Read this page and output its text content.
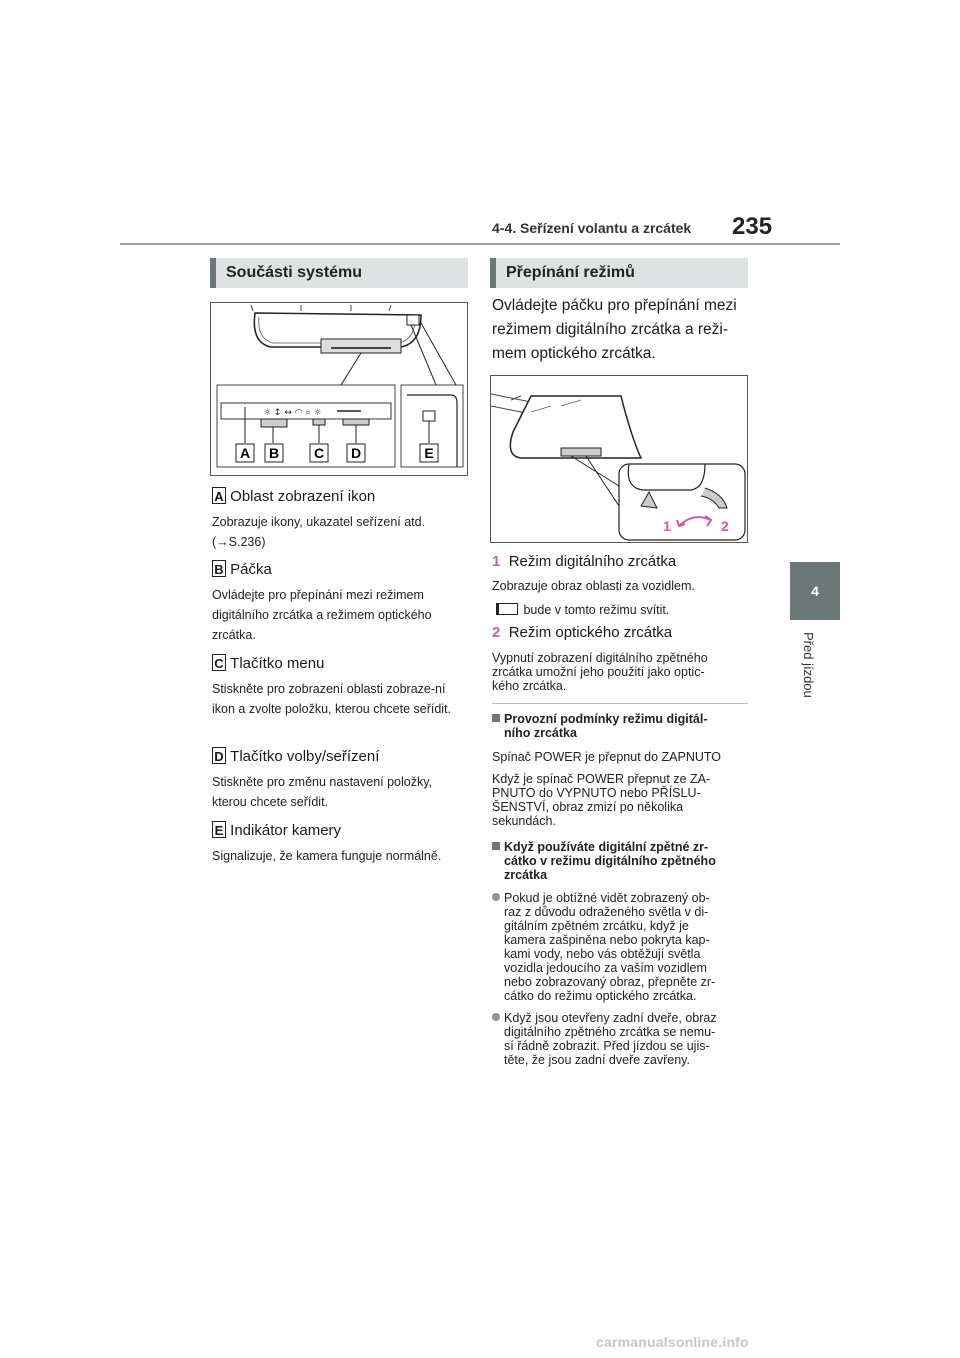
4-4. Seřízení volantu a zrcátek 235
4
Před jízdou
Součásti systému
☼ ↕ ↔ ◠ ⌕ ☼
A B C D	E
A Oblast zobrazení ikon
Zobrazuje ikony, ukazatel seřízení atd.
(→S.236)
B Páčka
Ovládejte pro přepínání mezi režimem digitálního zrcátka a režimem optického zrcátka.
C Tlačítko menu
Stiskněte pro zobrazení oblasti zobraze-ní ikon a zvolte položku, kterou chcete seřídit.
D Tlačítko volby/seřízení
Stiskněte pro změnu nastavení položky, kterou chcete seřídit.
E Indikátor kamery
Signalizuje, že kamera funguje normálně.
Přepínání režimů
Ovládejte páčku pro přepínání mezi
režimem digitálního zrcátka a reži-
mem optického zrcátka.
1	2
1 Režim digitálního zrcátka
Zobrazuje obraz oblasti za vozidlem.
bude v tomto režimu svítit.
2 Režim optického zrcátka
Vypnutí zobrazení digitálního zpětného
zrcátka umožní jeho použití jako optic-
kého zrcátka.
Provozní podmínky režimu digitál-
ního zrcátka
Spínač POWER je přepnut do ZAPNUTO
Když je spínač POWER přepnut ze ZA-
PNUTO do VYPNUTO nebo PŘÍSLU-
ŠENSTVÍ, obraz zmizí po několika
sekundách.
Když používáte digitální zpětné zr-
cátko v režimu digitálního zpětného
zrcátka
Pokud je obtížné vidět zobrazený ob-
raz z důvodu odraženého světla v di-
gitálním zpětném zrcátku, když je
kamera zašpiněna nebo pokryta kap-
kami vody, nebo vás obtěžují světla
vozidla jedoucího za vaším vozidlem
nebo zobrazovaný obraz, přepněte zr-
cátko do režimu optického zrcátka.
Když jsou otevřeny zadní dveře, obraz
digitálního zpětného zrcátka se nemu-
sí řádně zobrazit. Před jízdou se ujis-
těte, že jsou zadní dveře zavřeny.
carmanualsonline.info
